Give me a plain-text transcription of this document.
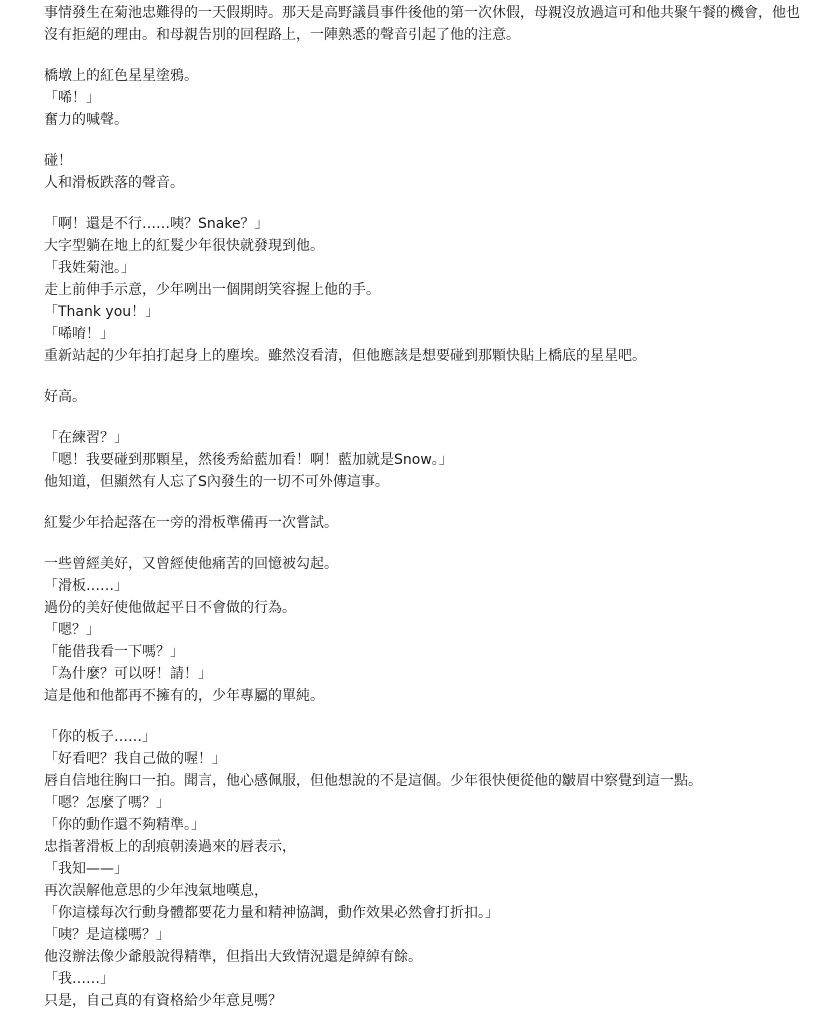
事情發生在菊池忠難得的一天假期時。那天是高野議員事件後他的第一次休假，母親沒放過這可和他共聚午餐的機會，他也沒有拒絕的理由。和母親告別的回程路上，一陣熟悉的聲音引起了他的注意。

橋墩上的紅色星星塗鴉。

「唏！」

奮力的喊聲。

碰！

人和滑板跌落的聲音。

「啊！還是不行……咦？Snake？」

大字型躺在地上的紅髮少年很快就發現到他。

「我姓菊池。」

走上前伸手示意，少年咧出一個開朗笑容握上他的手。

「Thank you！」

「唏唷！」

重新站起的少年拍打起身上的塵埃。雖然沒看清，但他應該是想要碰到那顆快貼上橋底的星星吧。

好高。

「在練習？」

「嗯！我要碰到那顆星，然後秀給藍加看！啊！藍加就是Snow。」

他知道，但顯然有人忘了S內發生的一切不可外傳這事。

紅髮少年拾起落在一旁的滑板準備再一次嘗試。

一些曾經美好，又曾經使他痛苦的回憶被勾起。

「滑板……」

過份的美好使他做起平日不會做的行為。

「嗯？」

「能借我看一下嗎？」

「為什麼？可以呀！請！」

這是他和他都再不擁有的，少年專屬的單純。

「你的板子……」

「好看吧？我自己做的喔！」

唇自信地往胸口一拍。聞言，他心感佩服，但他想說的不是這個。少年很快便從他的皺眉中察覺到這一點。

「嗯？怎麼了嗎？」

「你的動作還不夠精準。」

忠指著滑板上的刮痕朝湊過來的唇表示，

「我知——」

再次誤解他意思的少年洩氣地嘆息，

「你這樣每次行動身體都要花力量和精神協調，動作效果必然會打折扣。」

「咦？是這樣嗎？」

他沒辦法像少爺般說得精準，但指出大致情況還是綽綽有餘。

「我……」

只是，自己真的有資格給少年意見嗎？
